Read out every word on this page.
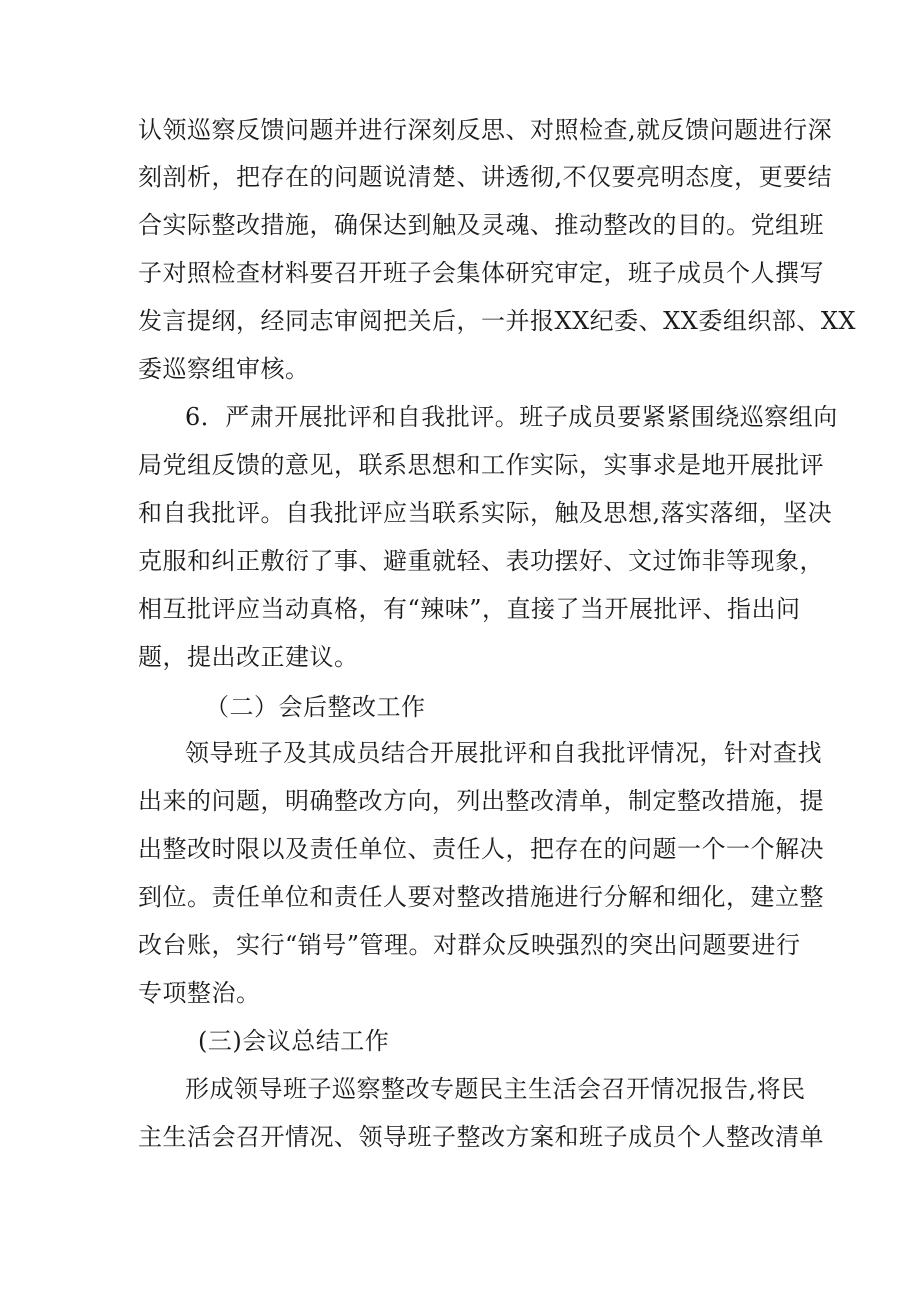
认领巡察反馈问题并进行深刻反思、对照检查,就反馈问题进行深
刻剖析，把存在的问题说清楚、讲透彻,不仅要亮明态度，更要结
合实际整改措施，确保达到触及灵魂、推动整改的目的。党组班
子对照检查材料要召开班子会集体研究审定，班子成员个人撰写
发言提纲，经同志审阅把关后，一并报XX纪委、XX委组织部、XX
委巡察组审核。
6．严肃开展批评和自我批评。班子成员要紧紧围绕巡察组向
局党组反馈的意见，联系思想和工作实际，实事求是地开展批评
和自我批评。自我批评应当联系实际，触及思想,落实落细，坚决
克服和纠正敷衍了事、避重就轻、表功摆好、文过饰非等现象，
相互批评应当动真格，有“辣味”，直接了当开展批评、指出问
题，提出改正建议。
（二）会后整改工作
领导班子及其成员结合开展批评和自我批评情况，针对查找
出来的问题，明确整改方向，列出整改清单，制定整改措施，提
出整改时限以及责任单位、责任人，把存在的问题一个一个解决
到位。责任单位和责任人要对整改措施进行分解和细化，建立整
改台账，实行“销号”管理。对群众反映强烈的突出问题要进行
专项整治。
(三)会议总结工作
形成领导班子巡察整改专题民主生活会召开情况报告,将民
主生活会召开情况、领导班子整改方案和班子成员个人整改清单
